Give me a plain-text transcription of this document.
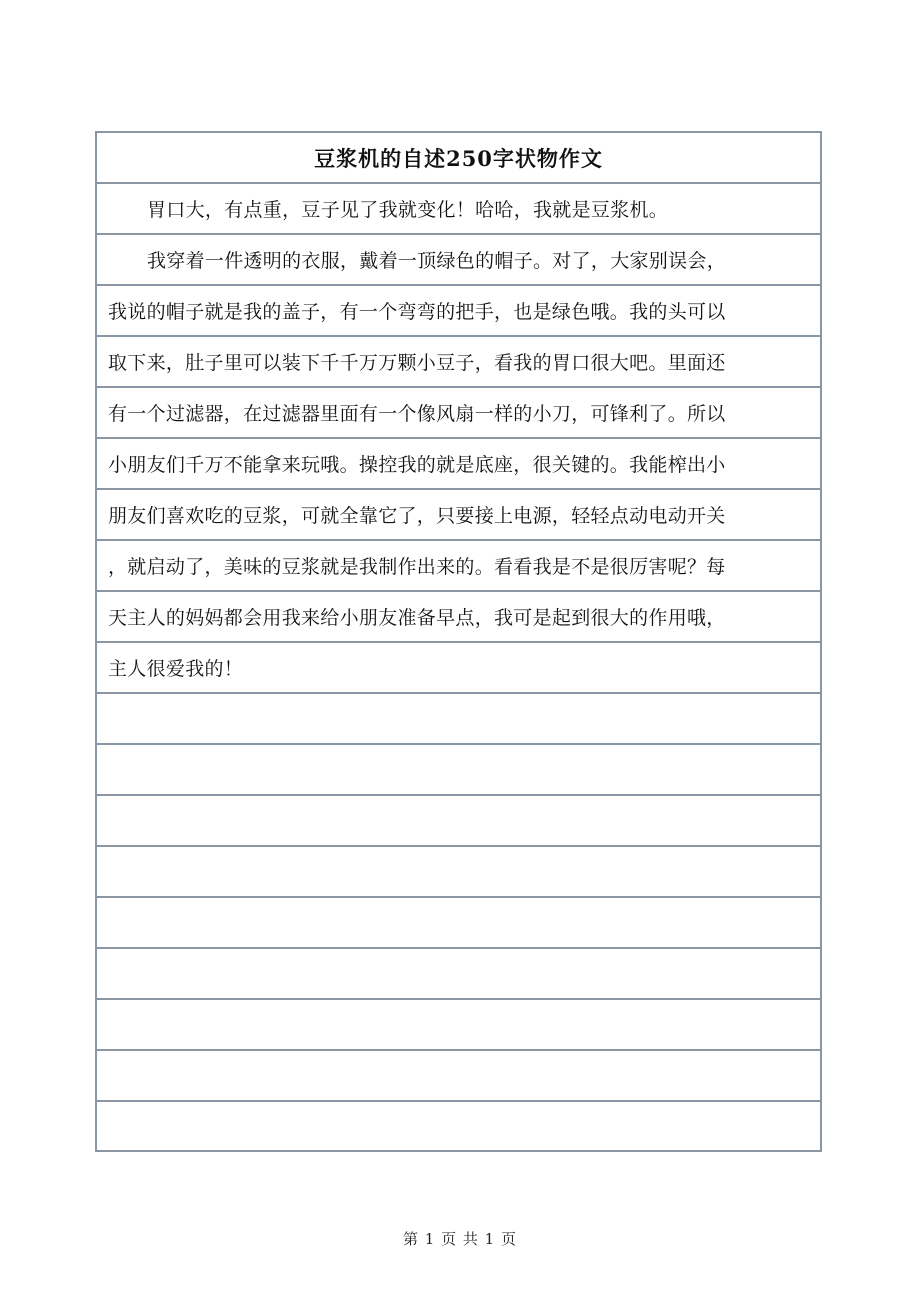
豆浆机的自述250字状物作文
胃口大，有点重，豆子见了我就变化！哈哈，我就是豆浆机。
我穿着一件透明的衣服，戴着一顶绿色的帽子。对了，大家别误会，
我说的帽子就是我的盖子，有一个弯弯的把手，也是绿色哦。我的头可以
取下来，肚子里可以装下千千万万颗小豆子，看我的胃口很大吧。里面还
有一个过滤器，在过滤器里面有一个像风扇一样的小刀，可锋利了。所以
小朋友们千万不能拿来玩哦。操控我的就是底座，很关键的。我能榨出小
朋友们喜欢吃的豆浆，可就全靠它了，只要接上电源，轻轻点动电动开关
，就启动了，美味的豆浆就是我制作出来的。看看我是不是很厉害呢？每
天主人的妈妈都会用我来给小朋友准备早点，我可是起到很大的作用哦，
主人很爱我的！
第 1 页 共 1 页
